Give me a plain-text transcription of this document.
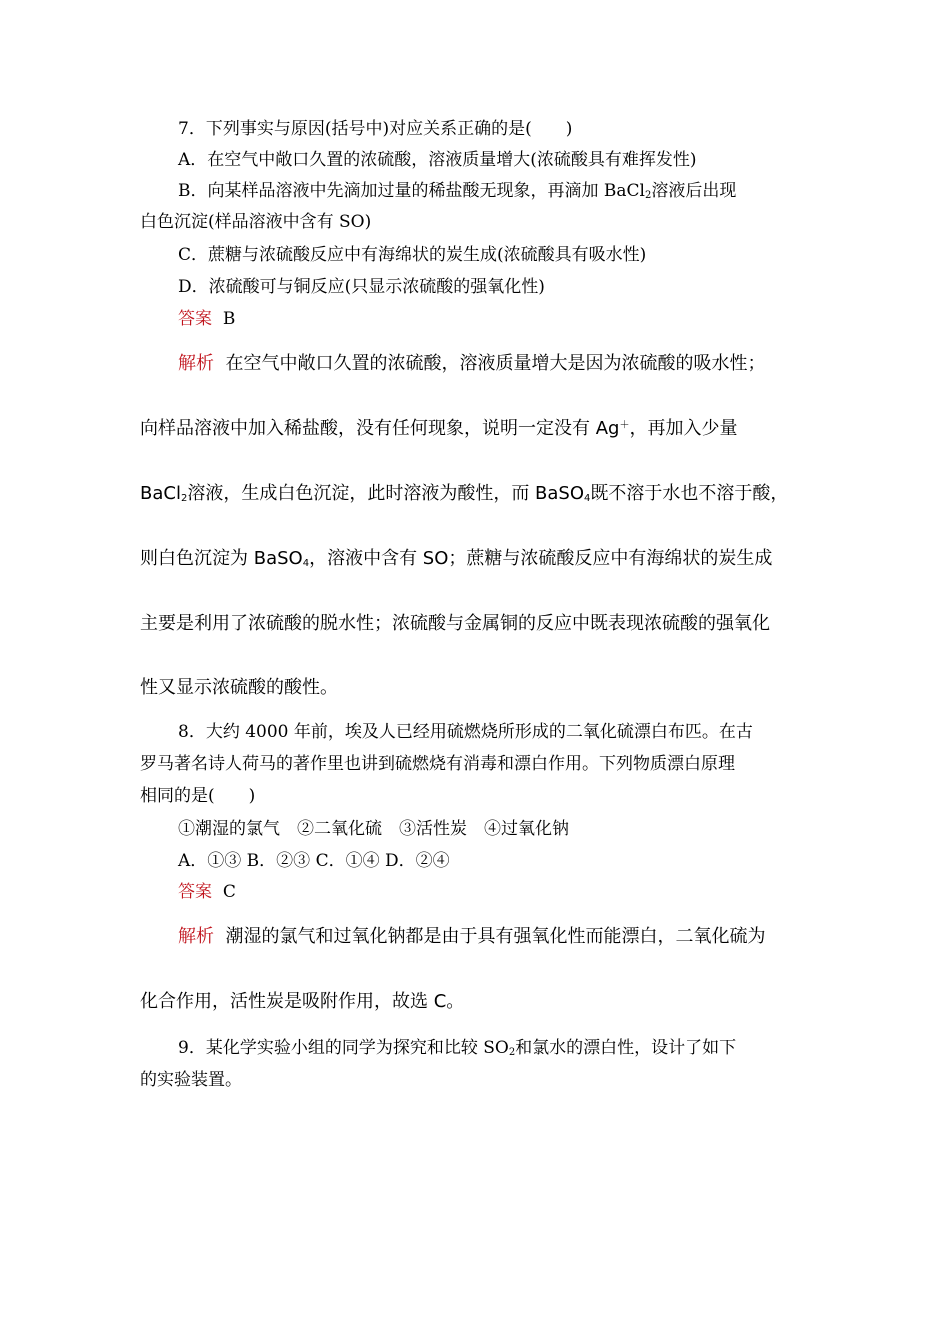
7．下列事实与原因(括号中)对应关系正确的是(　　)
A．在空气中敞口久置的浓硫酸，溶液质量增大(浓硫酸具有难挥发性)
B．向某样品溶液中先滴加过量的稀盐酸无现象，再滴加 BaCl$_2$溶液后出现
白色沉淀(样品溶液中含有 SO)
C．蔗糖与浓硫酸反应中有海绵状的炭生成(浓硫酸具有吸水性)
D．浓硫酸可与铜反应(只显示浓硫酸的强氧化性)
答案 B
解析 在空气中敞口久置的浓硫酸，溶液质量增大是因为浓硫酸的吸水性；
向样品溶液中加入稀盐酸，没有任何现象，说明一定没有 Ag＋，再加入少量
BaCl$_2$溶液，生成白色沉淀，此时溶液为酸性，而 BaSO$_4$既不溶于水也不溶于酸，
则白色沉淀为 BaSO$_4$，溶液中含有 SO；蔗糖与浓硫酸反应中有海绵状的炭生成
主要是利用了浓硫酸的脱水性；浓硫酸与金属铜的反应中既表现浓硫酸的强氧化
性又显示浓硫酸的酸性。
8．大约 4000 年前，埃及人已经用硫燃烧所形成的二氧化硫漂白布匹。在古
罗马著名诗人荷马的著作里也讲到硫燃烧有消毒和漂白作用。下列物质漂白原理
相同的是(　　)
①潮湿的氯气　②二氧化硫　③活性炭　④过氧化钠
A．①③ B．②③ C．①④ D．②④
答案 C
解析 潮湿的氯气和过氧化钠都是由于具有强氧化性而能漂白，二氧化硫为
化合作用，活性炭是吸附作用，故选 C。
9．某化学实验小组的同学为探究和比较 $SO_2$和氯水的漂白性，设计了如下
的实验装置。
